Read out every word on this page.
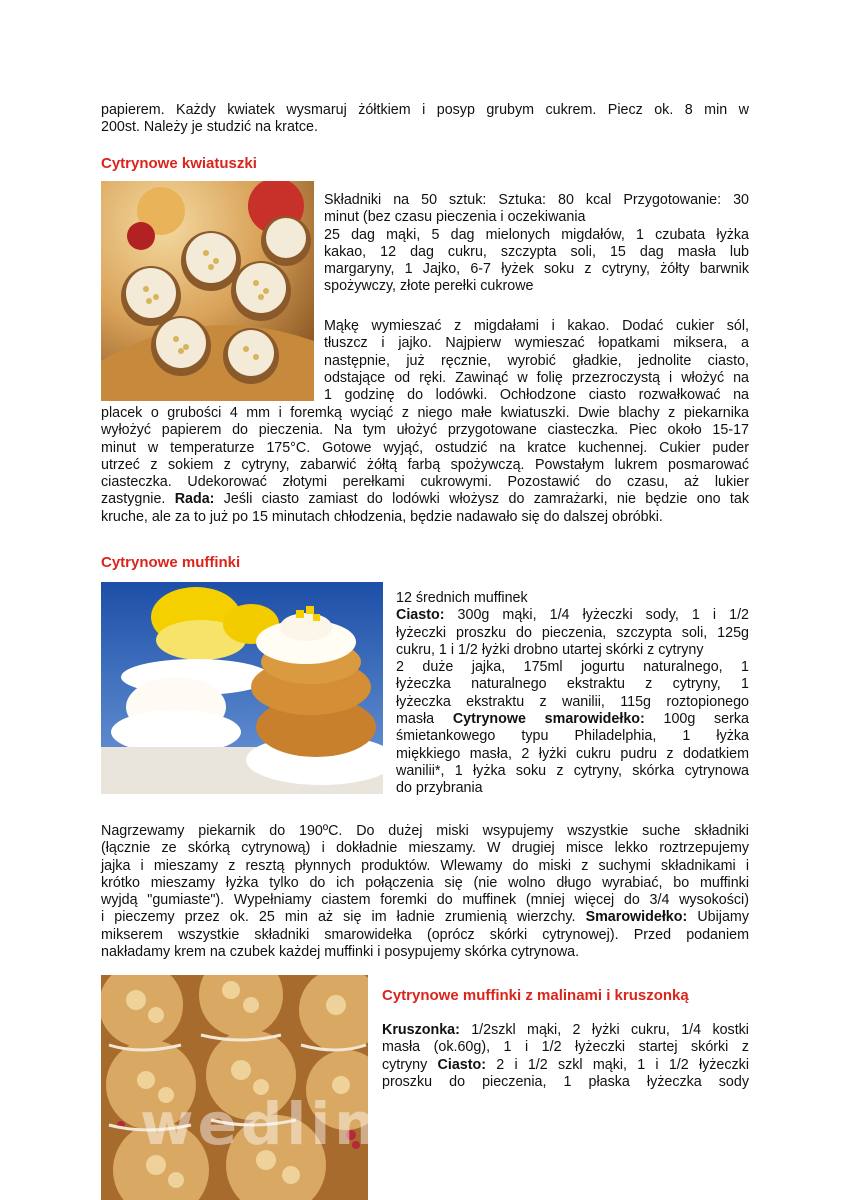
papierem. Każdy kwiatek wysmaruj żółtkiem i posyp grubym cukrem. Piecz ok. 8 min w
200st. Należy je studzić na kratce.
Cytrynowe kwiatuszki
Składniki na 50 sztuk: Sztuka: 80 kcal Przygotowanie: 30
minut (bez czasu pieczenia i oczekiwania
25 dag mąki, 5 dag mielonych migdałów, 1 czubata łyżka
kakao, 12 dag cukru, szczypta soli, 15 dag masła lub
margaryny, 1 Jajko, 6-7 łyżek soku z cytryny, żółty barwnik
spożywczy, złote perełki cukrowe
Mąkę wymieszać z migdałami i kakao. Dodać cukier sól,
tłuszcz i jajko. Najpierw wymieszać łopatkami miksera, a
następnie, już ręcznie, wyrobić gładkie, jednolite ciasto,
odstające od ręki. Zawinąć w folię przezroczystą i włożyć na
1 godzinę do lodówki. Ochłodzone ciasto rozwałkować na
placek o grubości 4 mm i foremką wyciąć z niego małe kwiatuszki. Dwie blachy z piekarnika
wyłożyć papierem do pieczenia. Na tym ułożyć przygotowane ciasteczka. Piec około 15-17
minut w temperaturze 175°C. Gotowe wyjąć, ostudzić na kratce kuchennej. Cukier puder
utrzeć z sokiem z cytryny, zabarwić żółtą farbą spożywczą. Powstałym lukrem posmarować
ciasteczka. Udekorować złotymi perełkami cukrowymi. Pozostawić do czasu, aż lukier
zastygnie. Rada: Jeśli ciasto zamiast do lodówki włożysz do zamrażarki, nie będzie ono tak
kruche, ale za to już po 15 minutach chłodzenia, będzie nadawało się do dalszej obróbki.
Cytrynowe muffinki
12 średnich muffinek
Ciasto: 300g mąki, 1/4 łyżeczki sody, 1 i 1/2
łyżeczki proszku do pieczenia, szczypta soli, 125g
cukru, 1 i 1/2 łyżki drobno utartej skórki z cytryny
2 duże jajka, 175ml jogurtu naturalnego, 1
łyżeczka naturalnego ekstraktu z cytryny, 1
łyżeczka ekstraktu z wanilii, 115g roztopionego
masła Cytrynowe smarowidełko: 100g serka
śmietankowego typu Philadelphia, 1 łyżka
miękkiego masła, 2 łyżki cukru pudru z dodatkiem
wanilii*, 1 łyżka soku z cytryny, skórka cytrynowa
do przybrania
Nagrzewamy piekarnik do 190ºC. Do dużej miski wsypujemy wszystkie suche składniki
(łącznie ze skórką cytrynową) i dokładnie mieszamy. W drugiej misce lekko roztrzepujemy
jajka i mieszamy z resztą płynnych produktów. Wlewamy do miski z suchymi składnikami i
krótko mieszamy łyżka tylko do ich połączenia się (nie wolno długo wyrabiać, bo muffinki
wyjdą "gumiaste"). Wypełniamy ciastem foremki do muffinek (mniej więcej do 3/4 wysokości)
i pieczemy przez ok. 25 min aż się im ładnie zrumienią wierzchy. Smarowidełko: Ubijamy
mikserem wszystkie składniki smarowidełka (oprócz skórki cytrynowej). Przed podaniem
nakładamy krem na czubek każdej muffinki i posypujemy skórka cytrynowa.
wedlinydomowe.pl
Cytrynowe muffinki z malinami i kruszonką
Kruszonka: 1/2szkl mąki, 2 łyżki cukru, 1/4 kostki
masła (ok.60g), 1 i 1/2 łyżeczki startej skórki z
cytryny Ciasto: 2 i 1/2 szkl mąki, 1 i 1/2 łyżeczki
proszku do pieczenia, 1 płaska łyżeczka sody
